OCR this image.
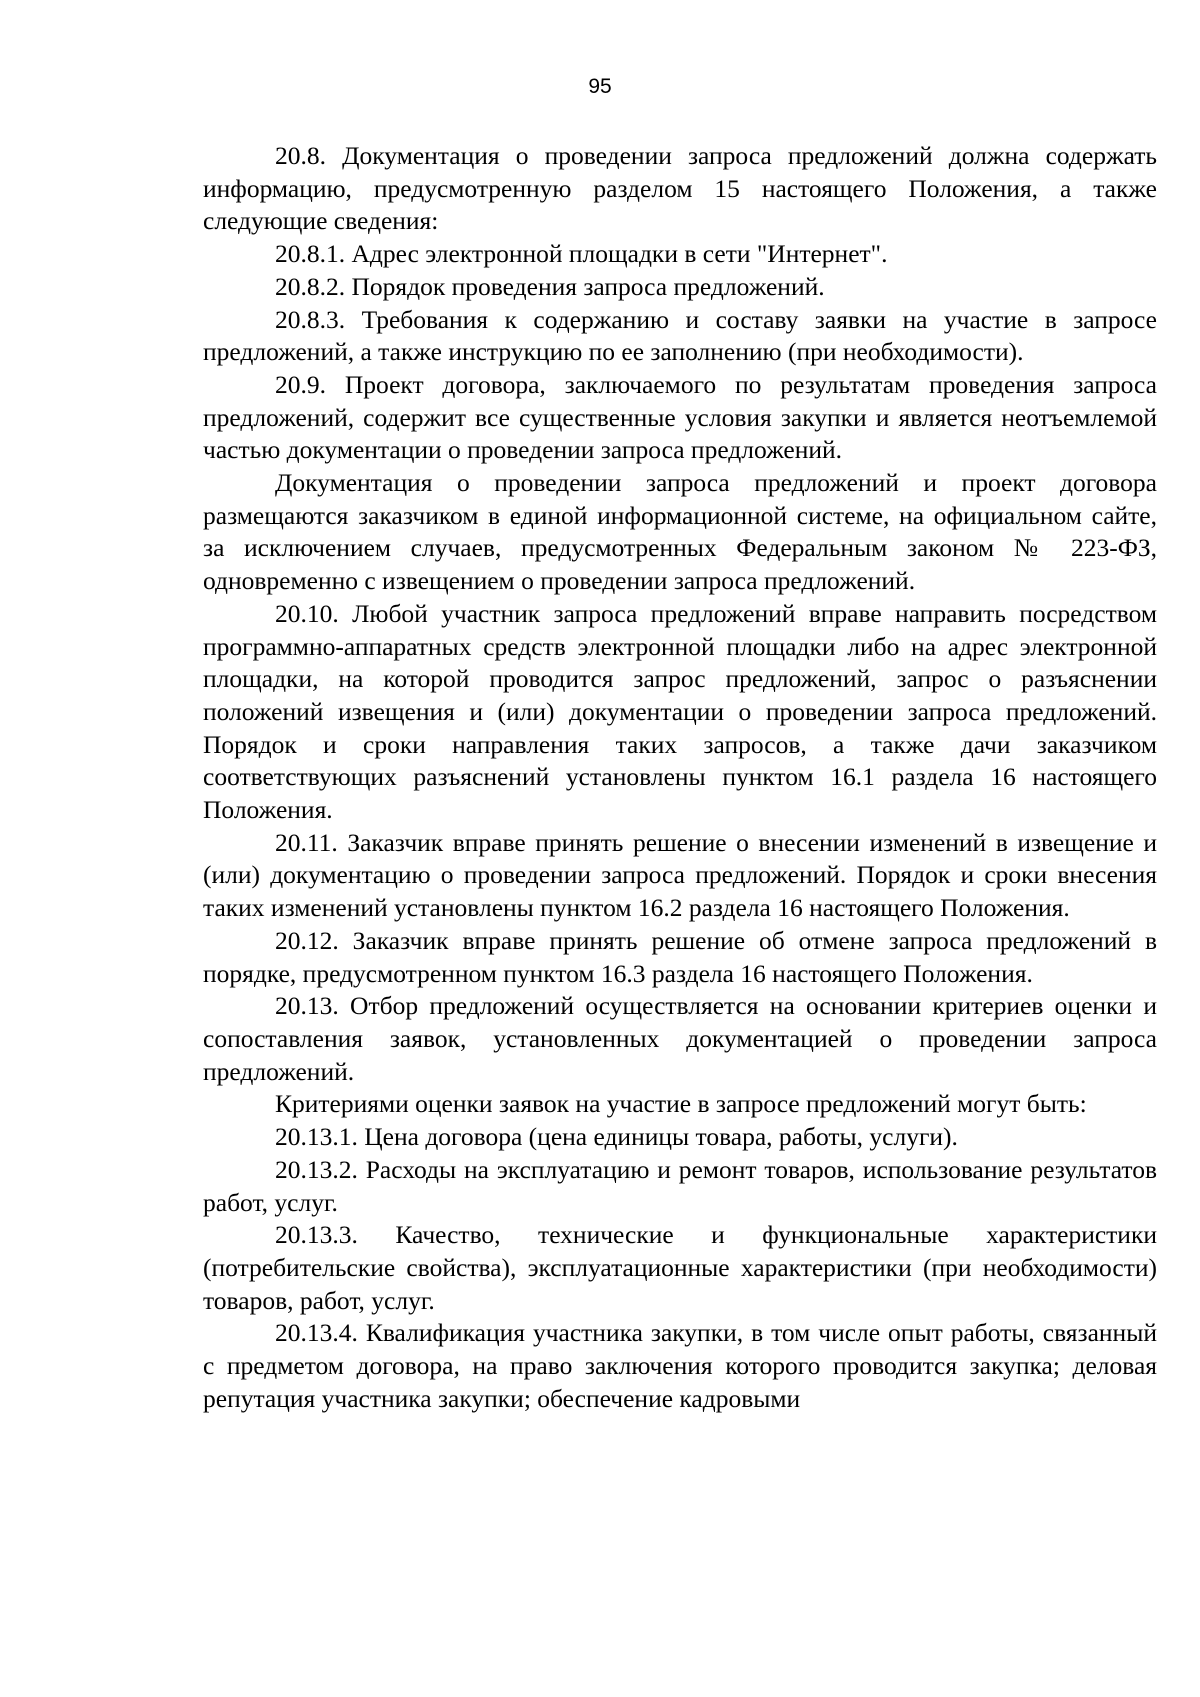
95

20.8. Документация о проведении запроса предложений должна содержать информацию, предусмотренную разделом 15 настоящего Положения, а также следующие сведения:

20.8.1. Адрес электронной площадки в сети "Интернет".

20.8.2. Порядок проведения запроса предложений.

20.8.3. Требования к содержанию и составу заявки на участие в запросе предложений, а также инструкцию по ее заполнению (при необходимости).

20.9. Проект договора, заключаемого по результатам проведения запроса предложений, содержит все существенные условия закупки и является неотъемлемой частью документации о проведении запроса предложений.

Документация о проведении запроса предложений и проект договора размещаются заказчиком в единой информационной системе, на официальном сайте, за исключением случаев, предусмотренных Федеральным законом № 223-ФЗ, одновременно с извещением о проведении запроса предложений.

20.10. Любой участник запроса предложений вправе направить посредством программно-аппаратных средств электронной площадки либо на адрес электронной площадки, на которой проводится запрос предложений, запрос о разъяснении положений извещения и (или) документации о проведении запроса предложений. Порядок и сроки направления таких запросов, а также дачи заказчиком соответствующих разъяснений установлены пунктом 16.1 раздела 16 настоящего Положения.

20.11. Заказчик вправе принять решение о внесении изменений в извещение и (или) документацию о проведении запроса предложений. Порядок и сроки внесения таких изменений установлены пунктом 16.2 раздела 16 настоящего Положения.

20.12. Заказчик вправе принять решение об отмене запроса предложений в порядке, предусмотренном пунктом 16.3 раздела 16 настоящего Положения.

20.13. Отбор предложений осуществляется на основании критериев оценки и сопоставления заявок, установленных документацией о проведении запроса предложений.

Критериями оценки заявок на участие в запросе предложений могут быть:

20.13.1. Цена договора (цена единицы товара, работы, услуги).

20.13.2. Расходы на эксплуатацию и ремонт товаров, использование результатов работ, услуг.

20.13.3. Качество, технические и функциональные характеристики (потребительские свойства), эксплуатационные характеристики (при необходимости) товаров, работ, услуг.

20.13.4. Квалификация участника закупки, в том числе опыт работы, связанный с предметом договора, на право заключения которого проводится закупка; деловая репутация участника закупки; обеспечение кадровыми
